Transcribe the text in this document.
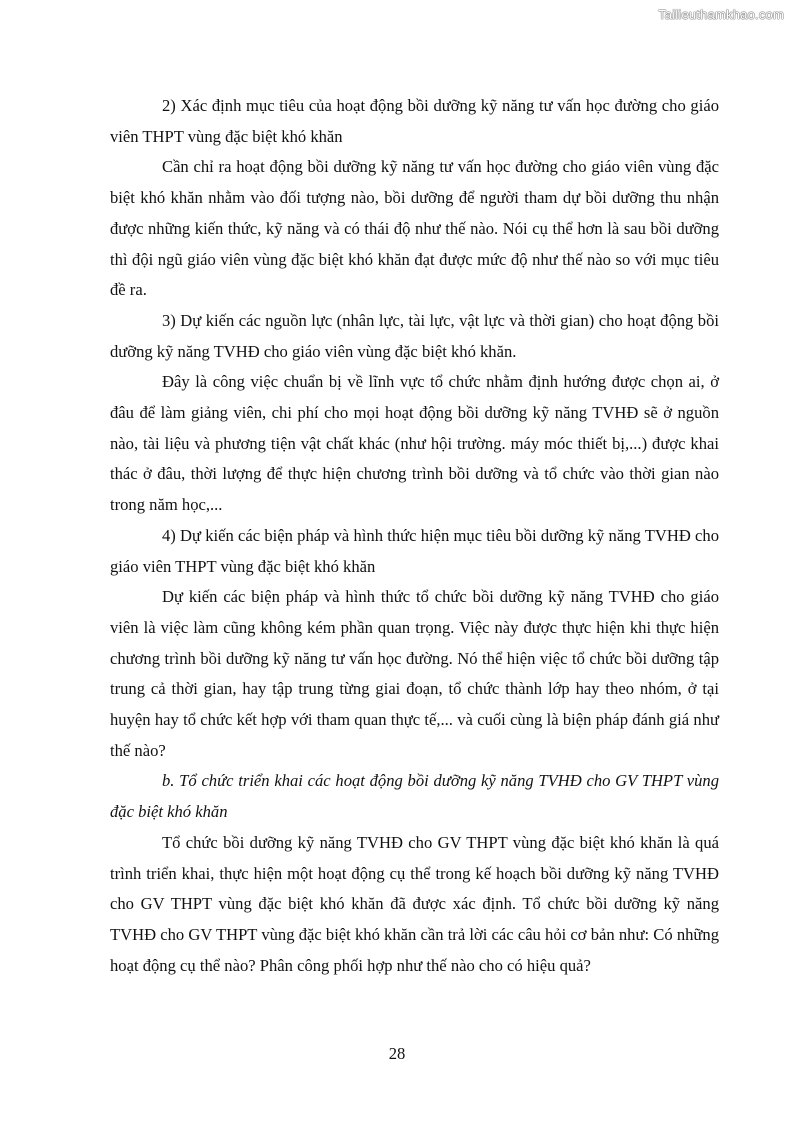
Tailieuthamkhao.com

2) Xác định mục tiêu của hoạt động bồi dưỡng kỹ năng tư vấn học đường cho giáo viên THPT vùng đặc biệt khó khăn

Cần chỉ ra hoạt động bồi dưỡng kỹ năng tư vấn học đường cho giáo viên vùng đặc biệt khó khăn nhằm vào đối tượng nào, bồi dưỡng để người tham dự bồi dưỡng thu nhận được những kiến thức, kỹ năng và có thái độ như thế nào. Nói cụ thể hơn là sau bồi dưỡng thì đội ngũ giáo viên vùng đặc biệt khó khăn đạt được mức độ như thế nào so với mục tiêu đề ra.

3) Dự kiến các nguồn lực (nhân lực, tài lực, vật lực và thời gian) cho hoạt động bồi dưỡng kỹ năng TVHĐ cho giáo viên vùng đặc biệt khó khăn.

Đây là công việc chuẩn bị về lĩnh vực tổ chức nhằm định hướng được chọn ai, ở đâu để làm giảng viên, chi phí cho mọi hoạt động bồi dưỡng kỹ năng TVHĐ sẽ ở nguồn nào, tài liệu và phương tiện vật chất khác (như hội trường. máy móc thiết bị,...) được khai thác ở đâu, thời lượng để thực hiện chương trình bồi dưỡng và tổ chức vào thời gian nào trong năm học,...

4) Dự kiến các biện pháp và hình thức hiện mục tiêu bồi dưỡng kỹ năng TVHĐ cho giáo viên THPT vùng đặc biệt khó khăn

Dự kiến các biện pháp và hình thức tổ chức bồi dưỡng kỹ năng TVHĐ cho giáo viên là việc làm cũng không kém phần quan trọng. Việc này được thực hiện khi thực hiện chương trình bồi dưỡng kỹ năng tư vấn học đường. Nó thể hiện việc tổ chức bồi dưỡng tập trung cả thời gian, hay tập trung từng giai đoạn, tổ chức thành lớp hay theo nhóm, ở tại huyện hay tổ chức kết hợp với tham quan thực tế,... và cuối cùng là biện pháp đánh giá như thế nào?

b. Tổ chức triển khai các hoạt động bồi dưỡng kỹ năng TVHĐ cho GV THPT vùng đặc biệt khó khăn

Tổ chức bồi dưỡng kỹ năng TVHĐ cho GV THPT vùng đặc biệt khó khăn là quá trình triển khai, thực hiện một hoạt động cụ thể trong kế hoạch bồi dưỡng kỹ năng TVHĐ cho GV THPT vùng đặc biệt khó khăn đã được xác định. Tổ chức bồi dưỡng kỹ năng TVHĐ cho GV THPT vùng đặc biệt khó khăn cần trả lời các câu hỏi cơ bản như: Có những hoạt động cụ thể nào? Phân công phối hợp như thế nào cho có hiệu quả?

28
